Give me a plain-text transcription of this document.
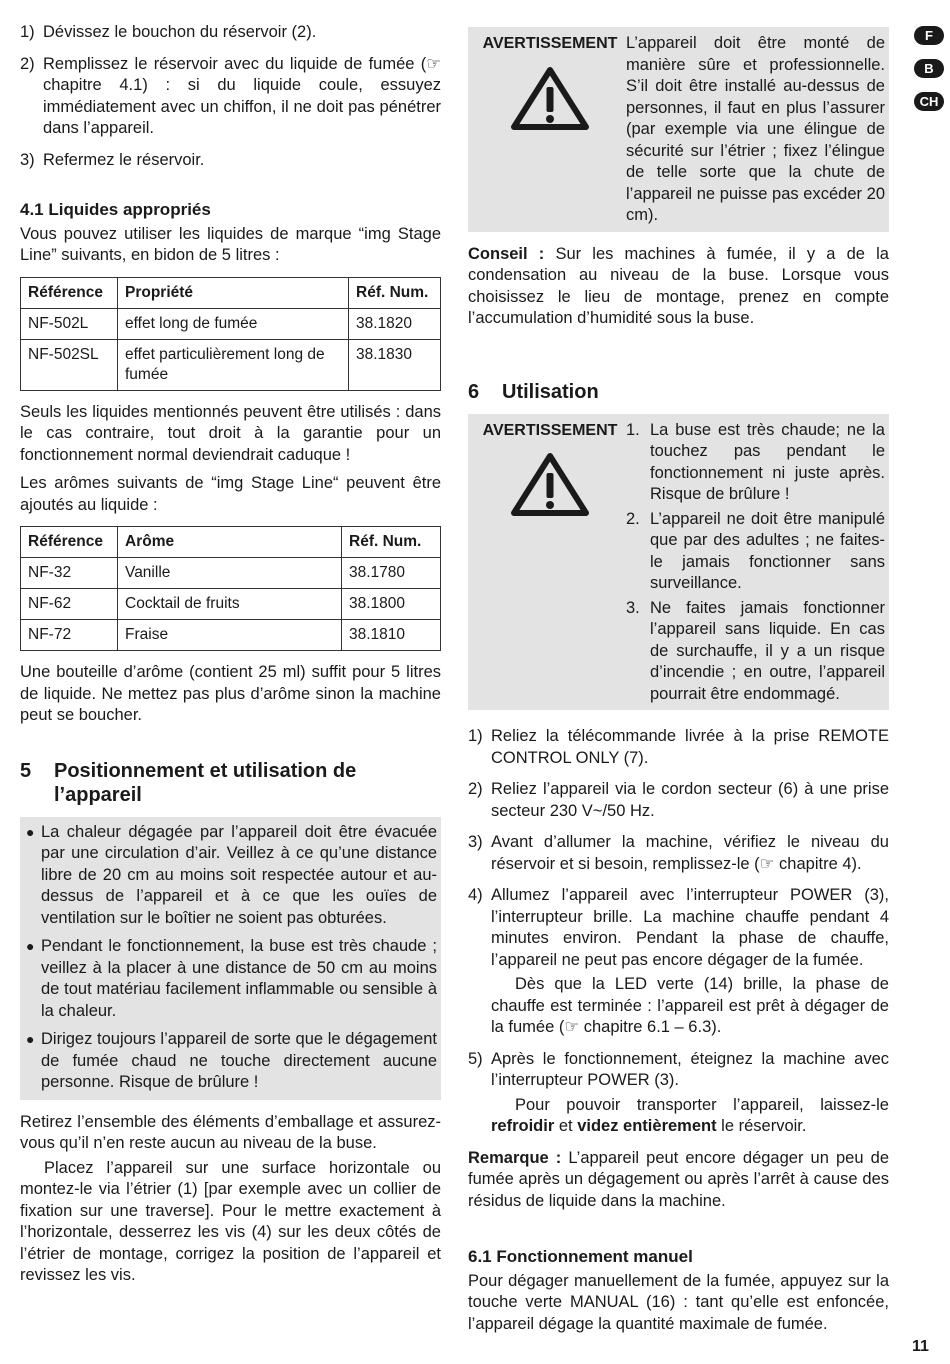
1) Dévissez le bouchon du réservoir (2).
2) Remplissez le réservoir avec du liquide de fumée (☞ chapitre 4.1) : si du liquide coule, essuyez immédiatement avec un chiffon, il ne doit pas pénétrer dans l’appareil.
3) Refermez le réservoir.
4.1 Liquides appropriés

Vous pouvez utiliser les liquides de marque “img Stage Line” suivants, en bidon de 5 litres :

Référence	Propriété	Réf. Num.
NF-502L	effet long de fumée	38.1820
NF-502SL	effet particulièrement long de fumée	38.1830

Seuls les liquides mentionnés peuvent être utilisés : dans le cas contraire, tout droit à la garantie pour un fonctionnement normal deviendrait caduque !

Les arômes suivants de “img Stage Line“ peuvent être ajoutés au liquide :

Référence	Arôme	Réf. Num.
NF-32	Vanille	38.1780
NF-62	Cocktail de fruits	38.1800
NF-72	Fraise	38.1810

Une bouteille d’arôme (contient 25 ml) suffit pour 5 litres de liquide. Ne mettez pas plus d’arôme sinon la machine peut se boucher.

5	Positionnement et utilisation de l’appareil
● La chaleur dégagée par l’appareil doit être évacuée par une circulation d’air. Veillez à ce qu’une distance libre de 20 cm au moins soit respectée autour et au-dessus de l’appareil et à ce que les ouïes de ventilation sur le boîtier ne soient pas obturées.
● Pendant le fonctionnement, la buse est très chaude ; veillez à la placer à une distance de 50 cm au moins de tout matériau facilement inflammable ou sensible à la chaleur.
● Dirigez toujours l’appareil de sorte que le dégagement de fumée chaud ne touche directement aucune personne. Risque de brûlure !

Retirez l’ensemble des éléments d’emballage et assurez-vous qu’il n’en reste aucun au niveau de la buse.

Placez l’appareil sur une surface horizontale ou montez-le via l’étrier (1) [par exemple avec un collier de fixation sur une traverse]. Pour le mettre exactement à l’horizontale, desserrez les vis (4) sur les deux côtés de l’étrier de montage, corrigez la position de l’appareil et revissez les vis.

AVERTISSEMENT L’appareil doit être monté de manière sûre et professionnelle. S’il doit être installé au-dessus de personnes, il faut en plus l’assurer (par exemple via une élingue de sécurité sur l’étrier ; fixez l’élingue de telle sorte que la chute de l’appareil ne puisse pas excéder 20 cm).

Conseil : Sur les machines à fumée, il y a de la condensation au niveau de la buse. Lorsque vous choisissez le lieu de montage, prenez en compte l’accumulation d’humidité sous la buse.

6	Utilisation
AVERTISSEMENT 1. La buse est très chaude; ne la touchez pas pendant le fonctionnement ni juste après. Risque de brûlure !
2. L’appareil ne doit être manipulé que par des adultes ; ne faites-le jamais fonctionner sans surveillance.
3. Ne faites jamais fonctionner l’appareil sans liquide. En cas de surchauffe, il y a un risque d’incendie ; en outre, l’appareil pourrait être endommagé.
1) Reliez la télécommande livrée à la prise REMOTE CONTROL ONLY (7).
2) Reliez l’appareil via le cordon secteur (6) à une prise secteur 230 V~/50 Hz.
3) Avant d’allumer la machine, vérifiez le niveau du réservoir et si besoin, remplissez-le (☞ chapitre 4).
4) Allumez l’appareil avec l’interrupteur POWER (3), l’interrupteur brille. La machine chauffe pendant 4 minutes environ. Pendant la phase de chauffe, l’appareil ne peut pas encore dégager de la fumée.
Dès que la LED verte (14) brille, la phase de chauffe est terminée : l’appareil est prêt à dégager de la fumée (☞ chapitre 6.1 – 6.3).
5) Après le fonctionnement, éteignez la machine avec l’interrupteur POWER (3).
Pour pouvoir transporter l’appareil, laissez-le refroidir et videz entièrement le réservoir.

Remarque : L’appareil peut encore dégager un peu de fumée après un dégagement ou après l’arrêt à cause des résidus de liquide dans la machine.

6.1 Fonctionnement manuel

Pour dégager manuellement de la fumée, appuyez sur la touche verte MANUAL (16) : tant qu’elle est enfoncée, l’appareil dégage la quantité maximale de fumée.

F
B
CH
11
